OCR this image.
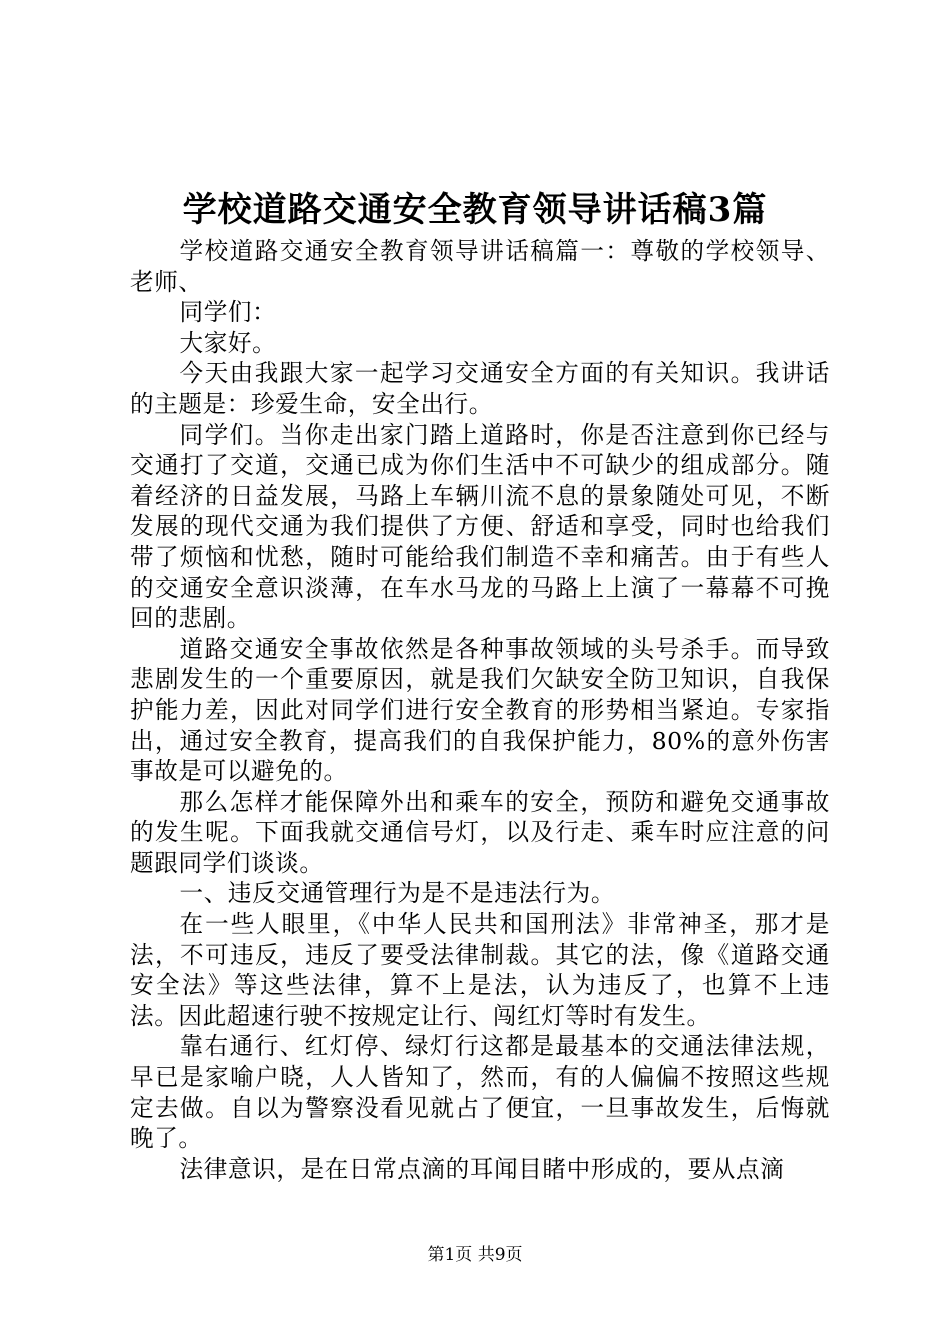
学校道路交通安全教育领导讲话稿3篇

学校道路交通安全教育领导讲话稿篇一：尊敬的学校领导、老师、

同学们：

大家好。

今天由我跟大家一起学习交通安全方面的有关知识。我讲话的主题是：珍爱生命，安全出行。

同学们。当你走出家门踏上道路时，你是否注意到你已经与交通打了交道，交通已成为你们生活中不可缺少的组成部分。随着经济的日益发展，马路上车辆川流不息的景象随处可见，不断发展的现代交通为我们提供了方便、舒适和享受，同时也给我们带了烦恼和忧愁，随时可能给我们制造不幸和痛苦。由于有些人的交通安全意识淡薄，在车水马龙的马路上上演了一幕幕不可挽回的悲剧。

道路交通安全事故依然是各种事故领域的头号杀手。而导致悲剧发生的一个重要原因，就是我们欠缺安全防卫知识，自我保护能力差，因此对同学们进行安全教育的形势相当紧迫。专家指出，通过安全教育，提高我们的自我保护能力，80%的意外伤害事故是可以避免的。

那么怎样才能保障外出和乘车的安全，预防和避免交通事故的发生呢。下面我就交通信号灯，以及行走、乘车时应注意的问题跟同学们谈谈。

一、违反交通管理行为是不是违法行为。

在一些人眼里，《中华人民共和国刑法》非常神圣，那才是法，不可违反，违反了要受法律制裁。其它的法，像《道路交通安全法》等这些法律，算不上是法，认为违反了，也算不上违法。因此超速行驶不按规定让行、闯红灯等时有发生。

靠右通行、红灯停、绿灯行这都是最基本的交通法律法规，早已是家喻户晓，人人皆知了，然而，有的人偏偏不按照这些规定去做。自以为警察没看见就占了便宜，一旦事故发生，后悔就晚了。

法律意识，是在日常点滴的耳闻目睹中形成的，要从点滴

第1页 共9页
